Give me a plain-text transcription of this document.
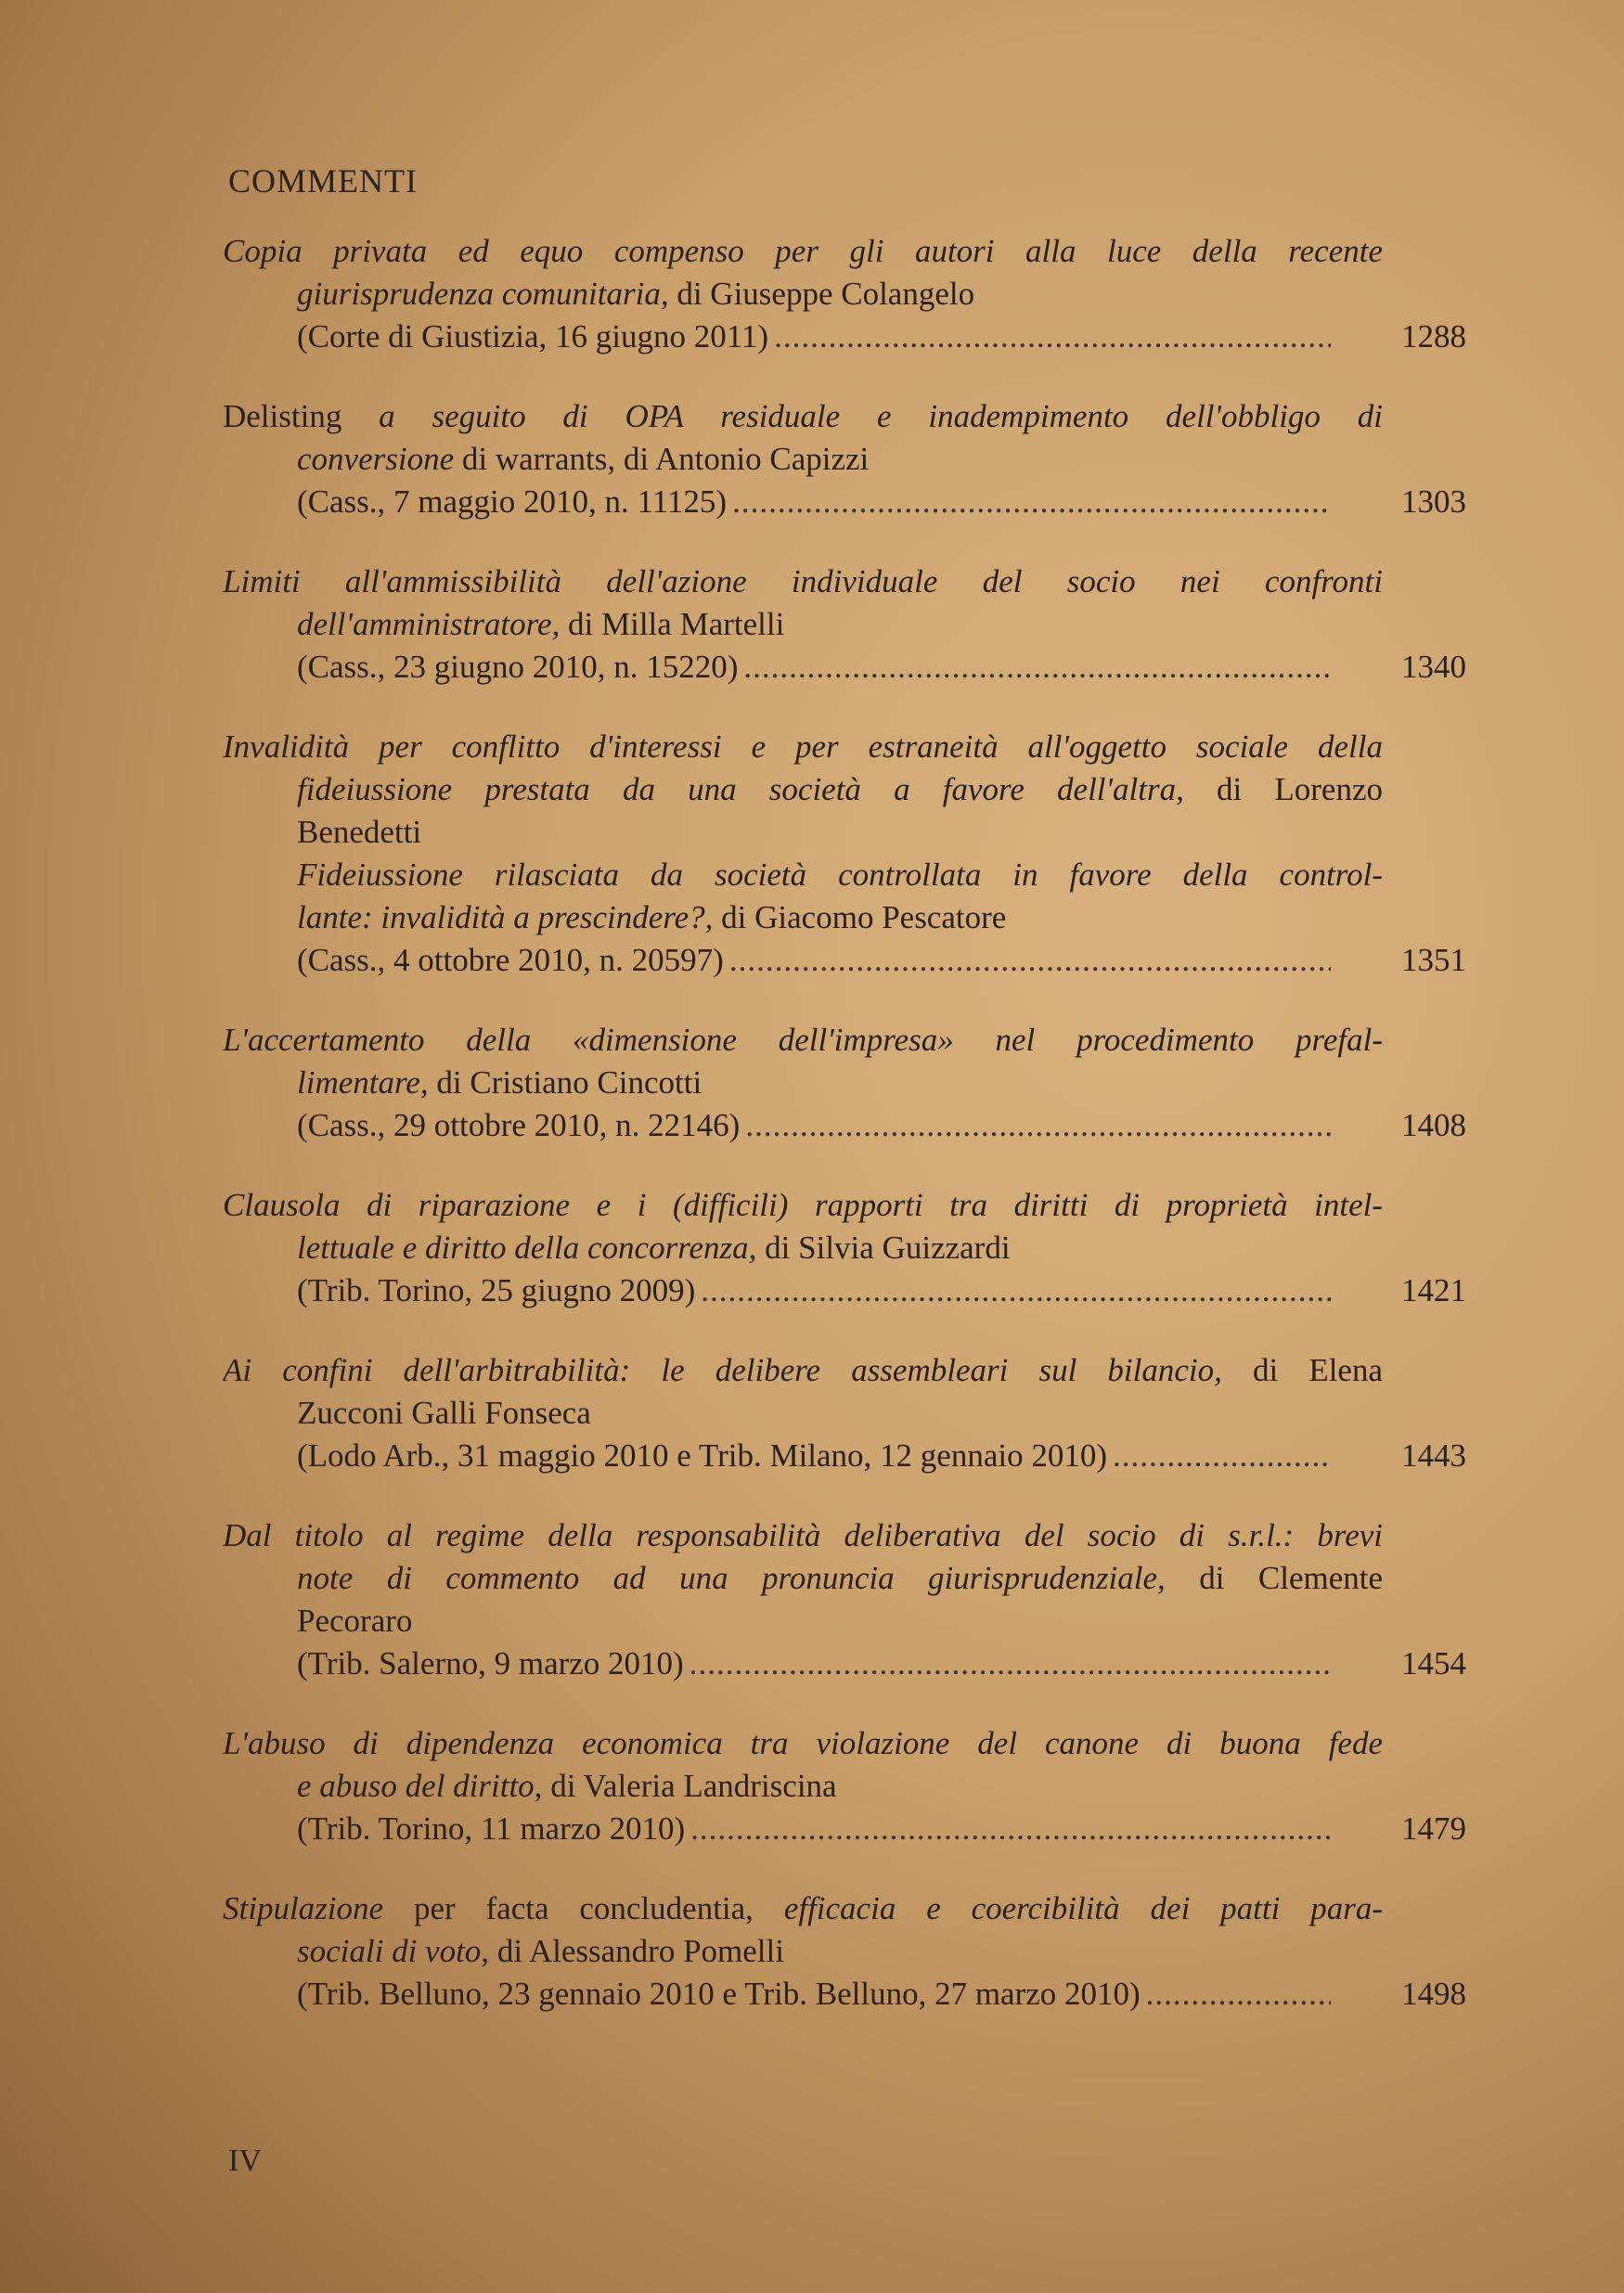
COMMENTI
Copia privata ed equo compenso per gli autori alla luce della recente
giurisprudenza comunitaria, di Giuseppe Colangelo
(Corte di Giustizia, 16 giugno 2011) .....	1288
Delisting a seguito di OPA residuale e inadempimento dell'obbligo di
conversione di warrants, di Antonio Capizzi
(Cass., 7 maggio 2010, n. 11125) .....	1303
Limiti all'ammissibilità dell'azione individuale del socio nei confronti
dell'amministratore, di Milla Martelli
(Cass., 23 giugno 2010, n. 15220) .....	1340
Invalidità per conflitto d'interessi e per estraneità all'oggetto sociale della
fideiussione prestata da una società a favore dell'altra, di Lorenzo
Benedetti
Fideiussione rilasciata da società controllata in favore della control-
lante: invalidità a prescindere?, di Giacomo Pescatore
(Cass., 4 ottobre 2010, n. 20597) .....	1351
L'accertamento della «dimensione dell'impresa» nel procedimento prefal-
limentare, di Cristiano Cincotti
(Cass., 29 ottobre 2010, n. 22146) .....	1408
Clausola di riparazione e i (difficili) rapporti tra diritti di proprietà intel-
lettuale e diritto della concorrenza, di Silvia Guizzardi
(Trib. Torino, 25 giugno 2009) .....	1421
Ai confini dell'arbitrabilità: le delibere assembleari sul bilancio, di Elena
Zucconi Galli Fonseca
(Lodo Arb., 31 maggio 2010 e Trib. Milano, 12 gennaio 2010) .....	1443
Dal titolo al regime della responsabilità deliberativa del socio di s.r.l.: brevi
note di commento ad una pronuncia giurisprudenziale, di Clemente
Pecoraro
(Trib. Salerno, 9 marzo 2010) .....	1454
L'abuso di dipendenza economica tra violazione del canone di buona fede
e abuso del diritto, di Valeria Landriscina
(Trib. Torino, 11 marzo 2010) .....	1479
Stipulazione per facta concludentia, efficacia e coercibilità dei patti para-
sociali di voto, di Alessandro Pomelli
(Trib. Belluno, 23 gennaio 2010 e Trib. Belluno, 27 marzo 2010) .....	1498
IV
